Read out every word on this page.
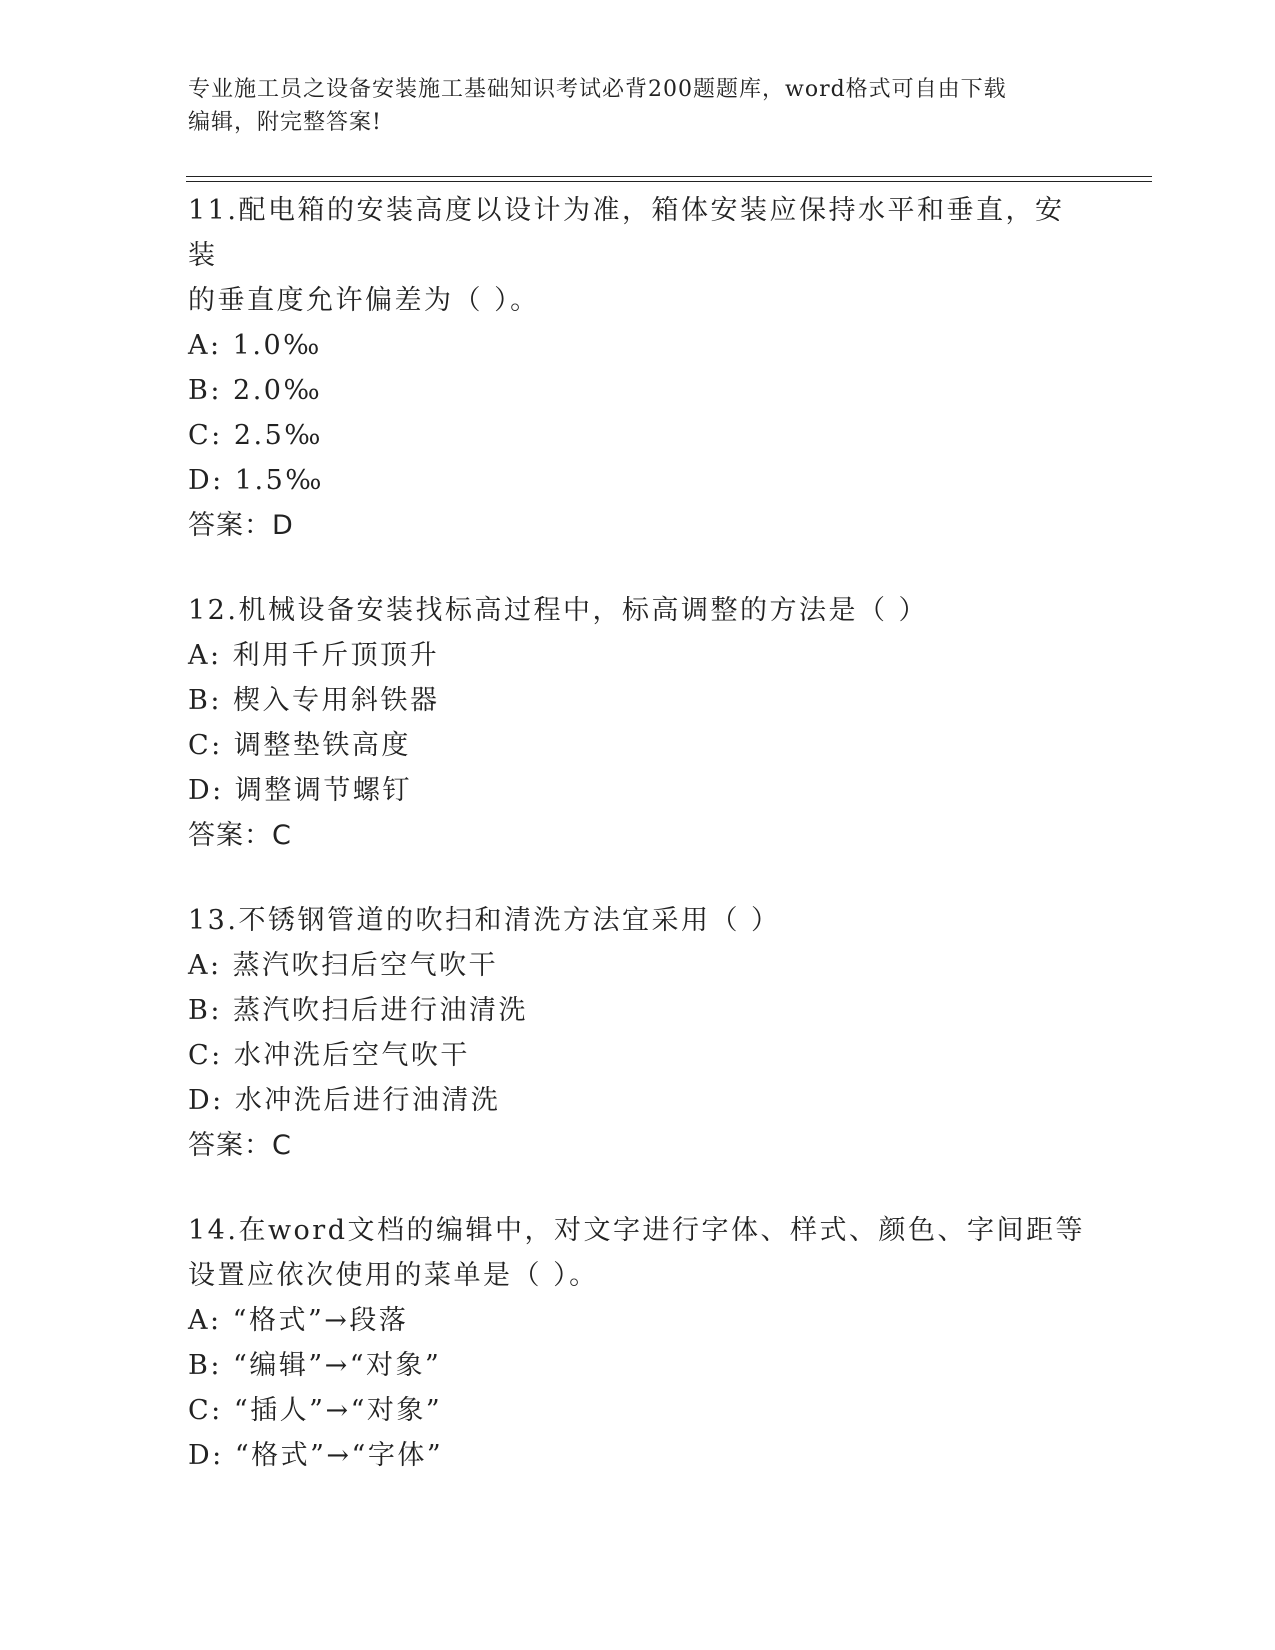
专业施工员之设备安装施工基础知识考试必背200题题库，word格式可自由下载
编辑，附完整答案!
11.配电箱的安装高度以设计为准，箱体安装应保持水平和垂直，安装
的垂直度允许偏差为（ ）。
A: 1.0‰
B: 2.0‰
C: 2.5‰
D: 1.5‰
答案：D
12.机械设备安装找标高过程中，标高调整的方法是（ ）
A: 利用千斤顶顶升
B: 楔入专用斜铁器
C: 调整垫铁高度
D: 调整调节螺钉
答案：C
13.不锈钢管道的吹扫和清洗方法宜采用（ ）
A: 蒸汽吹扫后空气吹干
B: 蒸汽吹扫后进行油清洗
C: 水冲洗后空气吹干
D: 水冲洗后进行油清洗
答案：C
14.在word文档的编辑中，对文字进行字体、样式、颜色、字间距等
设置应依次使用的菜单是（ ）。
A: “格式”→段落
B: “编辑”→“对象”
C: “插人”→“对象”
D: “格式”→“字体”
